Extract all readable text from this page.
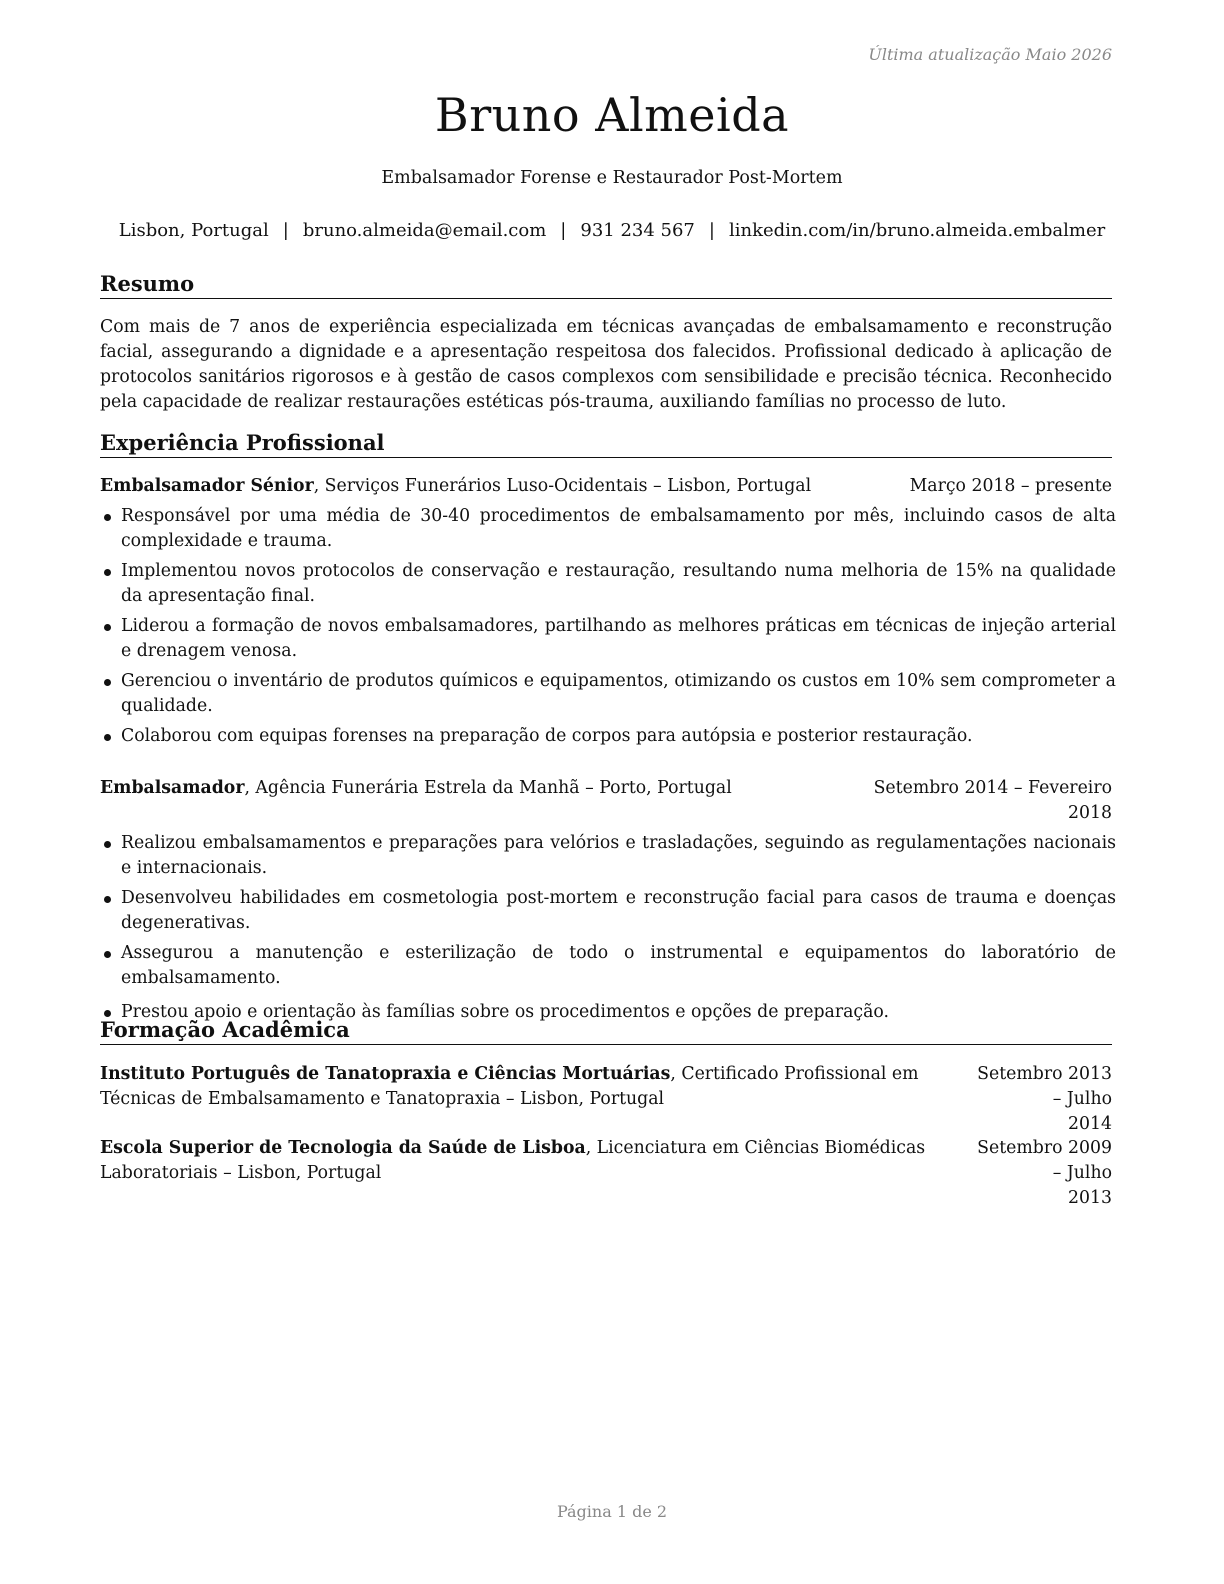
Última atualização Maio 2026
Bruno Almeida
Embalsamador Forense e Restaurador Post-Mortem
Lisbon, Portugal | bruno.almeida@email.com | 931 234 567 | linkedin.com/in/bruno.almeida.embalmer
Resumo
Com mais de 7 anos de experiência especializada em técnicas avançadas de embalsamamento e reconstrução facial, assegurando a dignidade e a apresentação respeitosa dos falecidos. Profissional dedicado à aplicação de protocolos sanitários rigorosos e à gestão de casos complexos com sensibilidade e precisão técnica. Reconhecido pela capacidade de realizar restaurações estéticas pós-trauma, auxiliando famílias no processo de luto.
Experiência Profissional
Embalsamador Sénior, Serviços Funerários Luso-Ocidentais – Lisbon, Portugal	Março 2018 – presente
Responsável por uma média de 30-40 procedimentos de embalsamamento por mês, incluindo casos de alta complexidade e trauma.
Implementou novos protocolos de conservação e restauração, resultando numa melhoria de 15% na qualidade da apresentação final.
Liderou a formação de novos embalsamadores, partilhando as melhores práticas em técnicas de injeção arterial e drenagem venosa.
Gerenciou o inventário de produtos químicos e equipamentos, otimizando os custos em 10% sem comprometer a qualidade.
Colaborou com equipas forenses na preparação de corpos para autópsia e posterior restauração.
Embalsamador, Agência Funerária Estrela da Manhã – Porto, Portugal	Setembro 2014 – Fevereiro
2018
Realizou embalsamamentos e preparações para velórios e trasladações, seguindo as regulamentações nacionais e internacionais.
Desenvolveu habilidades em cosmetologia post-mortem e reconstrução facial para casos de trauma e doenças degenerativas.
Assegurou a manutenção e esterilização de todo o instrumental e equipamentos do laboratório de embalsamamento.
Prestou apoio e orientação às famílias sobre os procedimentos e opções de preparação.
Formação Acadêmica
Instituto Português de Tanatopraxia e Ciências Mortuárias, Certificado Profissional em
Técnicas de Embalsamamento e Tanatopraxia – Lisbon, Portugal
Setembro 2013 – Julho
2014
Escola Superior de Tecnologia da Saúde de Lisboa, Licenciatura em Ciências Biomédicas
Laboratoriais – Lisbon, Portugal
Setembro 2009 – Julho
2013
Página 1 de 2
